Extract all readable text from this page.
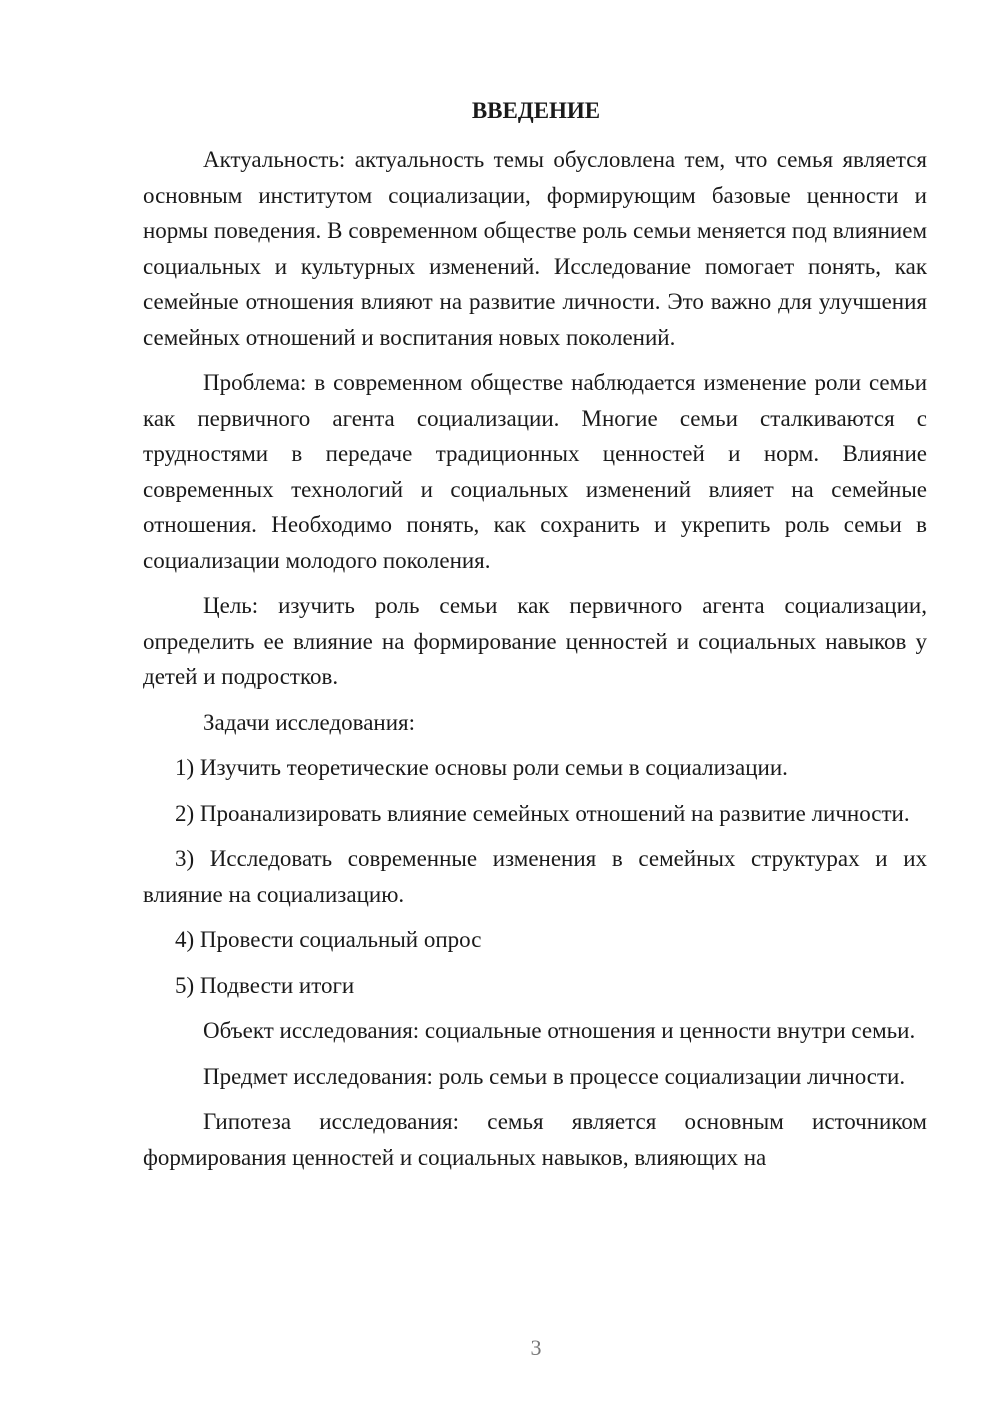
ВВЕДЕНИЕ

Актуальность: актуальность темы обусловлена тем, что семья является основным институтом социализации, формирующим базовые ценности и нормы поведения. В современном обществе роль семьи меняется под влиянием социальных и культурных изменений. Исследование помогает понять, как семейные отношения влияют на развитие личности. Это важно для улучшения семейных отношений и воспитания новых поколений.

Проблема: в современном обществе наблюдается изменение роли семьи как первичного агента социализации. Многие семьи сталкиваются с трудностями в передаче традиционных ценностей и норм. Влияние современных технологий и социальных изменений влияет на семейные отношения. Необходимо понять, как сохранить и укрепить роль семьи в социализации молодого поколения.

Цель: изучить роль семьи как первичного агента социализации, определить ее влияние на формирование ценностей и социальных навыков у детей и подростков.

Задачи исследования:

1) Изучить теоретические основы роли семьи в социализации.

2) Проанализировать влияние семейных отношений на развитие личности.

3) Исследовать современные изменения в семейных структурах и их влияние на социализацию.

4) Провести социальный опрос

5) Подвести итоги

Объект исследования: социальные отношения и ценности внутри семьи.

Предмет исследования: роль семьи в процессе социализации личности.

Гипотеза исследования: семья является основным источником формирования ценностей и социальных навыков, влияющих на

3
